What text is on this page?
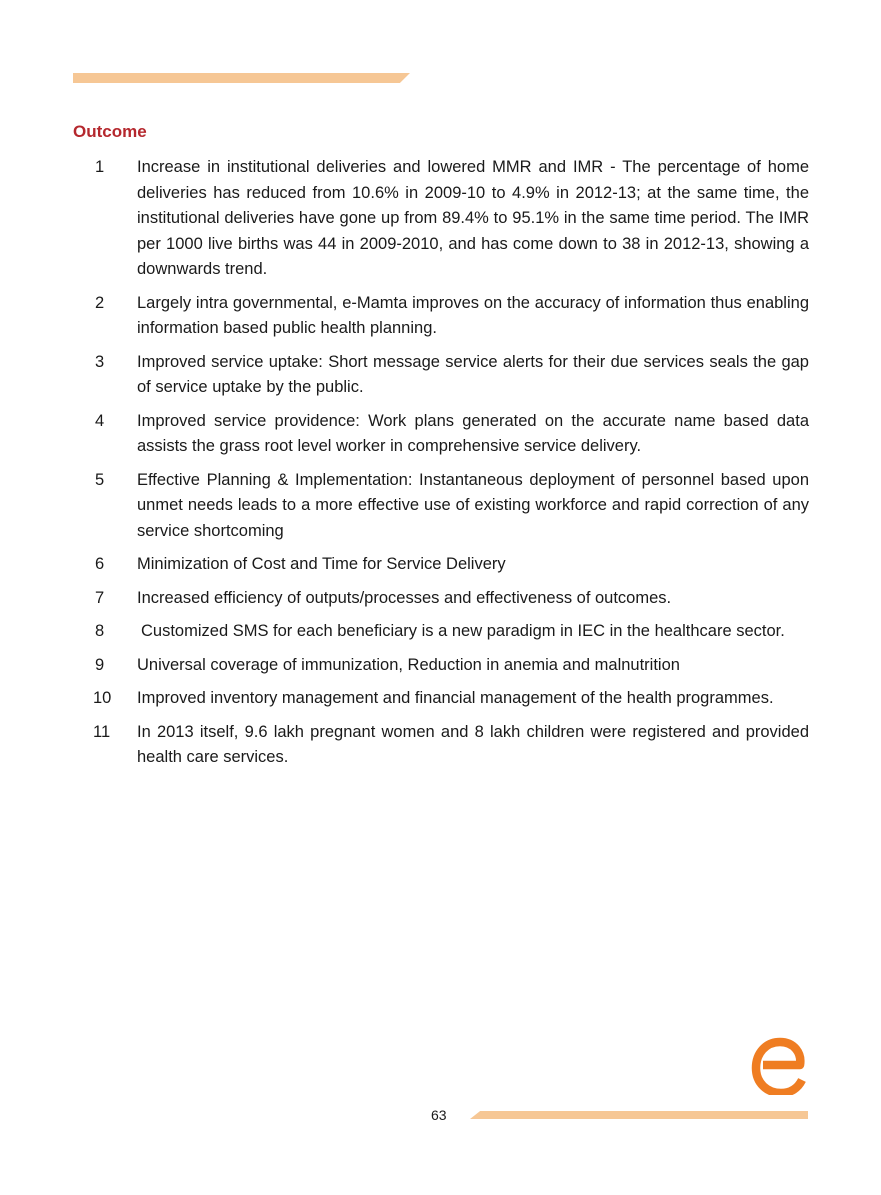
Outcome
1	Increase in institutional deliveries and lowered MMR and IMR - The percentage of home deliveries has reduced from 10.6% in 2009-10 to 4.9% in 2012-13; at the same time, the institutional deliveries have gone up from 89.4% to 95.1% in the same time period. The IMR per 1000 live births was 44 in 2009-2010, and has come down to 38 in 2012-13, showing a downwards trend.
2	Largely intra governmental, e-Mamta improves on the accuracy of information thus enabling information based public health planning.
3	Improved service uptake: Short message service alerts for their due services seals the gap of service uptake by the public.
4	Improved service providence: Work plans generated on the accurate name based data assists the grass root level worker in comprehensive service delivery.
5	Effective Planning & Implementation: Instantaneous deployment of personnel based upon unmet needs leads to a more effective use of existing workforce and rapid correction of any service shortcoming
6	Minimization of Cost and Time for Service Delivery
7	Increased efficiency of outputs/processes and effectiveness of outcomes.
8	Customized SMS for each beneficiary is a new paradigm in IEC in the healthcare sector.
9	Universal coverage of immunization, Reduction in anemia and malnutrition
10	Improved inventory management and financial management of the health programmes.
11	In 2013 itself, 9.6 lakh pregnant women and 8 lakh children were registered and provided health care services.
63
